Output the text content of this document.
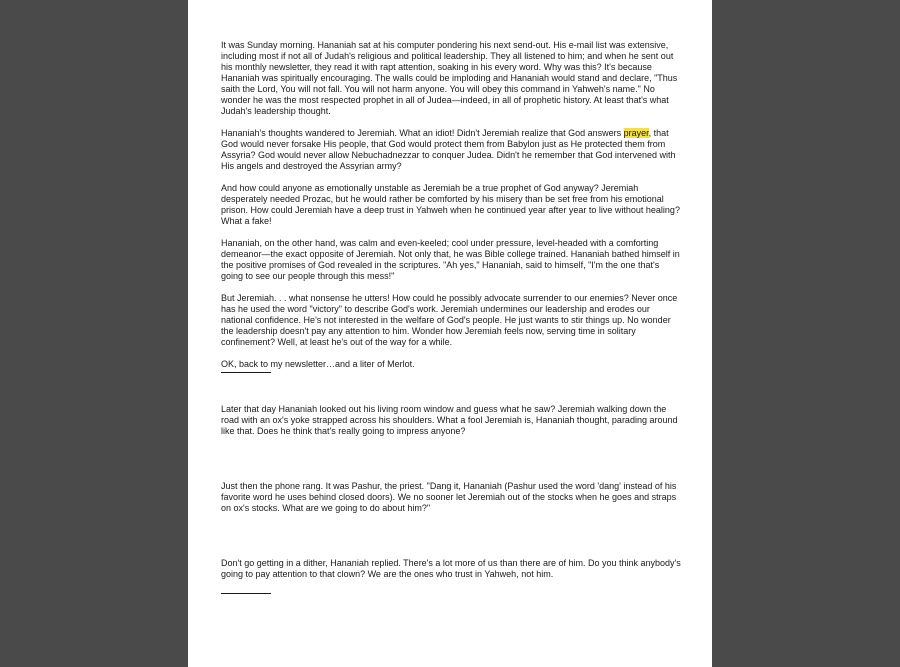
It was Sunday morning. Hananiah sat at his computer pondering his next send-out. His e-mail list was extensive, including most if not all of Judah's religious and political leadership. They all listened to him; and when he sent out his monthly newsletter, they read it with rapt attention, soaking in his every word. Why was this? It's because Hananiah was spiritually encouraging. The walls could be imploding and Hananiah would stand and declare, "Thus saith the Lord, You will not fall. You will not harm anyone. You will obey this command in Yahweh's name." No wonder he was the most respected prophet in all of Judea—indeed, in all of prophetic history. At least that's what Judah's leadership thought.

Hananiah's thoughts wandered to Jeremiah. What an idiot! Didn't Jeremiah realize that God answers prayer, that God would never forsake His people, that God would protect them from Babylon just as He protected them from Assyria? God would never allow Nebuchadnezzar to conquer Judea. Didn't he remember that God intervened with His angels and destroyed the Assyrian army?

And how could anyone as emotionally unstable as Jeremiah be a true prophet of God anyway? Jeremiah desperately needed Prozac, but he would rather be comforted by his misery than be set free from his emotional prison. How could Jeremiah have a deep trust in Yahweh when he continued year after year to live without healing? What a fake!

Hananiah, on the other hand, was calm and even-keeled; cool under pressure, level-headed with a comforting demeanor—the exact opposite of Jeremiah. Not only that, he was Bible college trained. Hananiah bathed himself in the positive promises of God revealed in the scriptures. "Ah yes," Hananiah, said to himself, "I'm the one that's going to see our people through this mess!"

But Jeremiah. . . what nonsense he utters! How could he possibly advocate surrender to our enemies? Never once has he used the word "victory" to describe God's work. Jeremiah undermines our leadership and erodes our national confidence. He's not interested in the welfare of God's people. He just wants to stir things up. No wonder the leadership doesn't pay any attention to him. Wonder how Jeremiah feels now, serving time in solitary confinement? Well, at least he's out of the way for a while.

OK, back to my newsletter…and a liter of Merlot.

Later that day Hananiah looked out his living room window and guess what he saw? Jeremiah walking down the road with an ox's yoke strapped across his shoulders. What a fool Jeremiah is, Hananiah thought, parading around like that. Does he think that's really going to impress anyone?

Just then the phone rang. It was Pashur, the priest. "Dang it, Hananiah (Pashur used the word 'dang' instead of his favorite word he uses behind closed doors). We no sooner let Jeremiah out of the stocks when he goes and straps on ox's stocks. What are we going to do about him?"

Don't go getting in a dither, Hananiah replied. There's a lot more of us than there are of him. Do you think anybody's going to pay attention to that clown? We are the ones who trust in Yahweh, not him.
